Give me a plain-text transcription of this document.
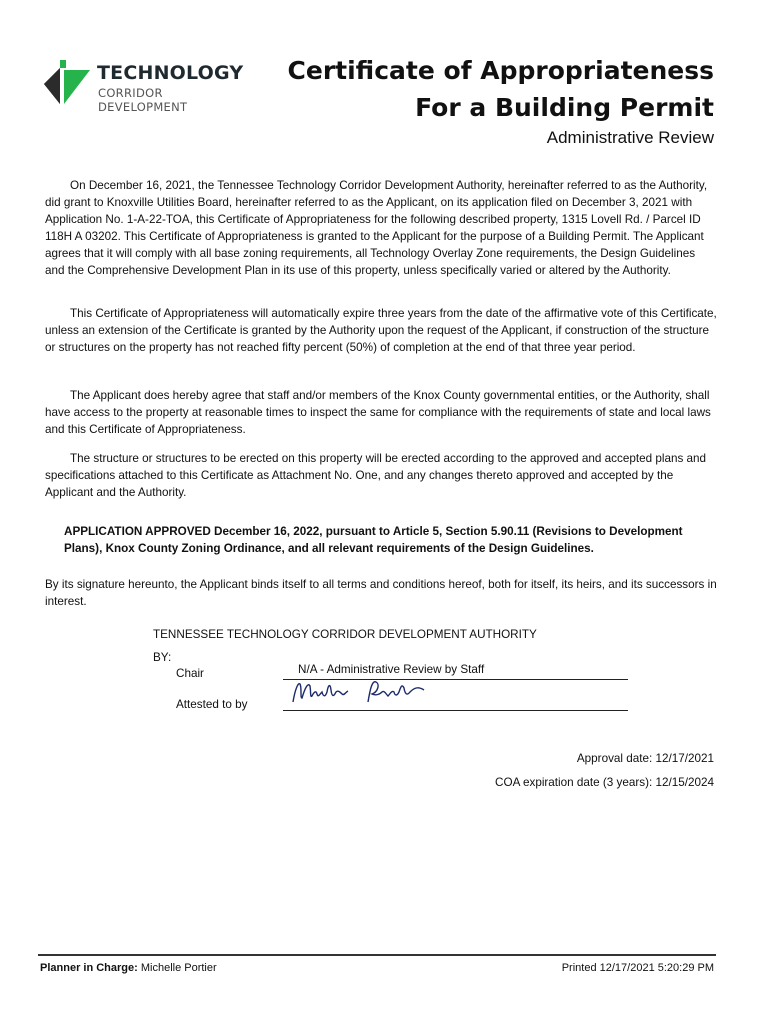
TECHNOLOGY
CORRIDOR DEVELOPMENT
Certificate of Appropriateness
For a Building Permit
Administrative Review

On December 16, 2021, the Tennessee Technology Corridor Development Authority, hereinafter referred to as the Authority, did grant to Knoxville Utilities Board, hereinafter referred to as the Applicant, on its application filed on December 3, 2021 with Application No. 1-A-22-TOA, this Certificate of Appropriateness for the following described property, 1315 Lovell Rd. / Parcel ID 118H A 03202. This Certificate of Appropriateness is granted to the Applicant for the purpose of a Building Permit. The Applicant agrees that it will comply with all base zoning requirements, all Technology Overlay Zone requirements, the Design Guidelines and the Comprehensive Development Plan in its use of this property, unless specifically varied or altered by the Authority.

This Certificate of Appropriateness will automatically expire three years from the date of the affirmative vote of this Certificate, unless an extension of the Certificate is granted by the Authority upon the request of the Applicant, if construction of the structure or structures on the property has not reached fifty percent (50%) of completion at the end of that three year period.

The Applicant does hereby agree that staff and/or members of the Knox County governmental entities, or the Authority, shall have access to the property at reasonable times to inspect the same for compliance with the requirements of state and local laws and this Certificate of Appropriateness.

The structure or structures to be erected on this property will be erected according to the approved and accepted plans and specifications attached to this Certificate as Attachment No. One, and any changes thereto approved and accepted by the Applicant and the Authority.

APPLICATION APPROVED December 16, 2022, pursuant to Article 5, Section 5.90.11 (Revisions to Development Plans), Knox County Zoning Ordinance, and all relevant requirements of the Design Guidelines.
By its signature hereunto, the Applicant binds itself to all terms and conditions hereof, both for itself, its heirs, and its successors in interest.
TENNESSEE TECHNOLOGY CORRIDOR DEVELOPMENT AUTHORITY
BY:
Chair	N/A - Administrative Review by Staff
Attested to by
Approval date: 12/17/2021
COA expiration date (3 years): 12/15/2024
Planner in Charge: Michelle Portier	Printed 12/17/2021 5:20:29 PM
